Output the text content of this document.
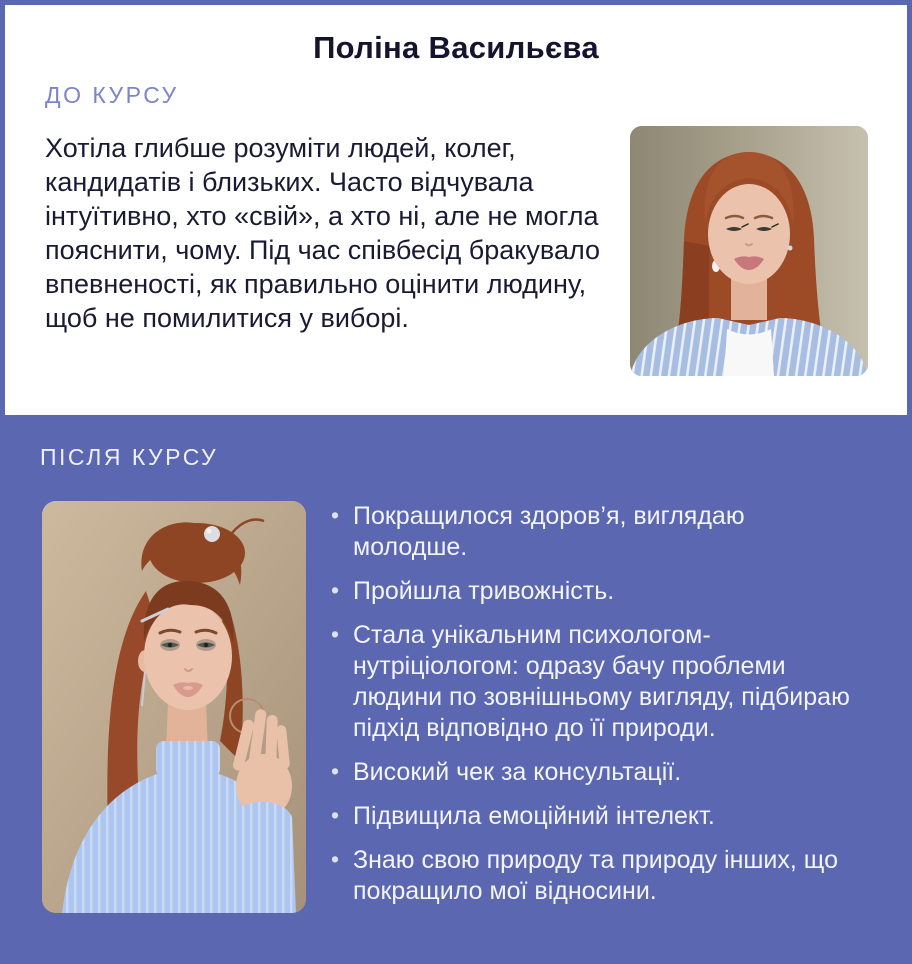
Поліна Васильєва
ДО КУРСУ

Хотіла глибше розуміти людей, колег, кандидатів і близьких. Часто відчувала інтуїтивно, хто «свій», а хто ні, але не могла пояснити, чому. Під час співбесід бракувало впевненості, як правильно оцінити людину, щоб не помилитися у виборі.

ПІСЛЯ КУРСУ
• Покращилося здоров’я, виглядаю молодше.
• Пройшла тривожність.
• Стала унікальним психологом-нутріціологом: одразу бачу проблеми людини по зовнішньому вигляду, підбираю підхід відповідно до її природи.
• Високий чек за консультації.
• Підвищила емоційний інтелект.
• Знаю свою природу та природу інших, що покращило мої відносини.
